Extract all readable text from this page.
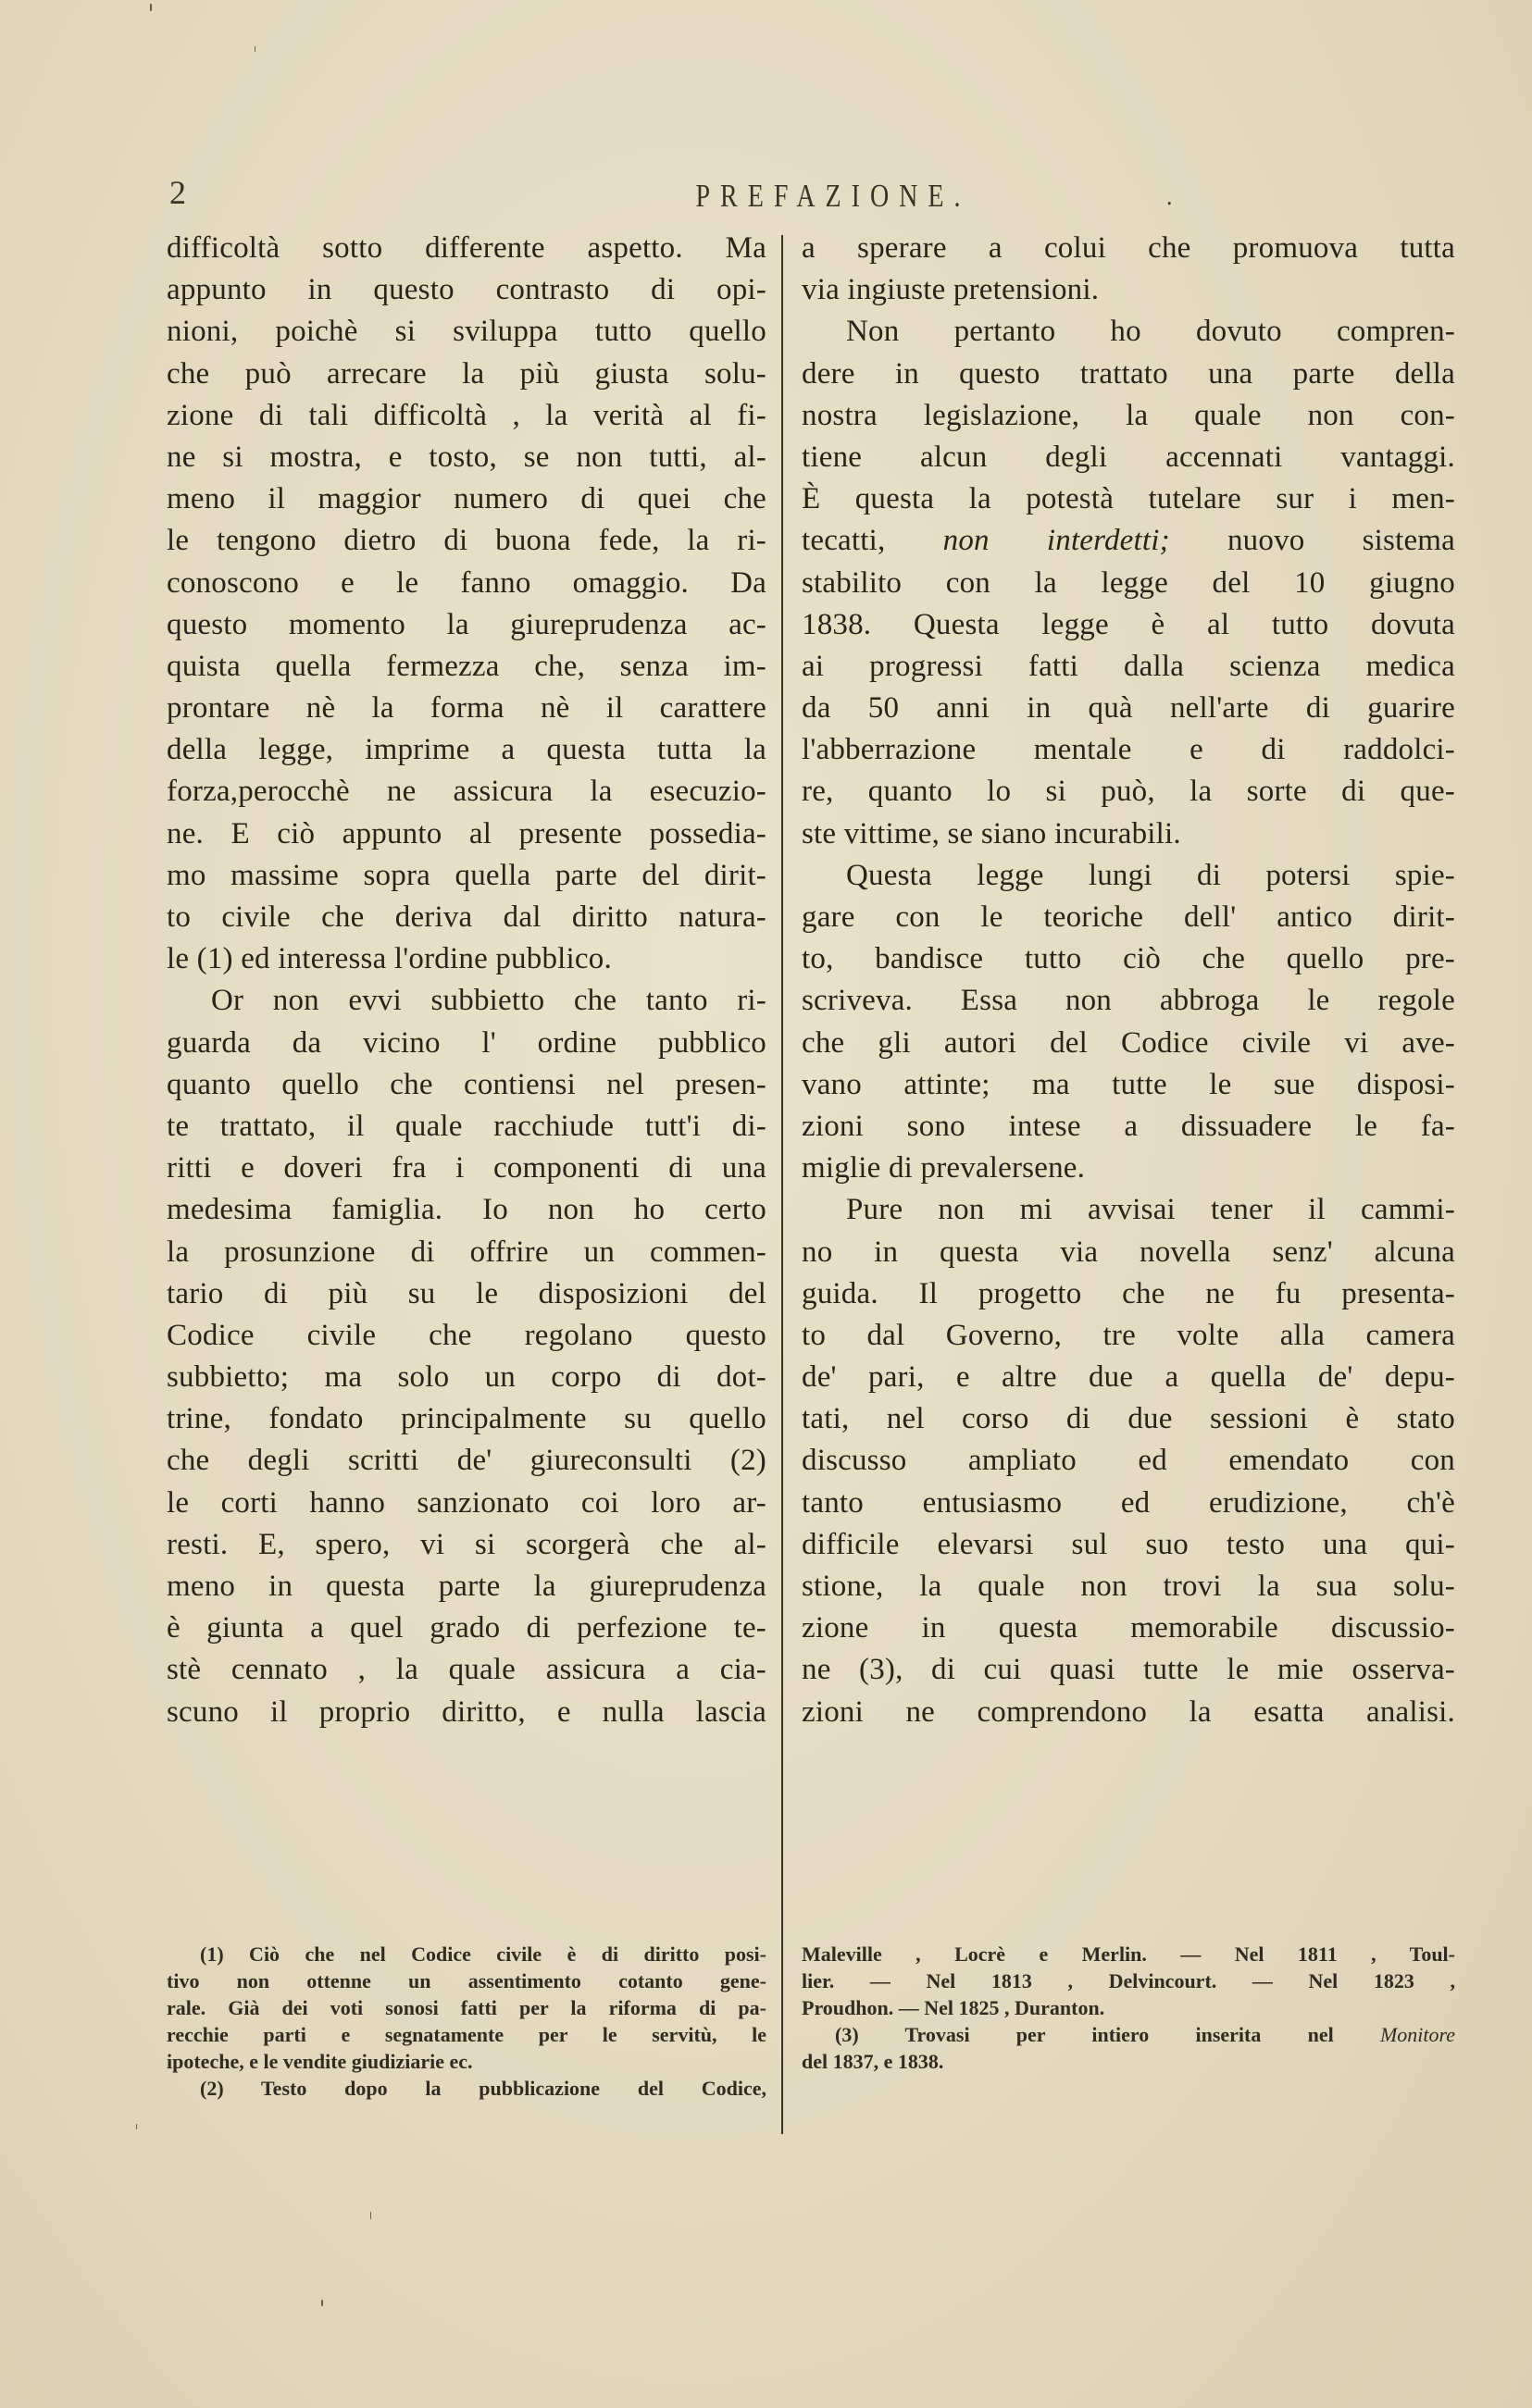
2	PREFAZIONE.	.
difficoltà sotto differente aspetto. Ma
appunto in questo contrasto di opi-
nioni, poichè si sviluppa tutto quello
che può arrecare la più giusta solu-
zione di tali difficoltà , la verità al fi-
ne si mostra, e tosto, se non tutti, al-
meno il maggior numero di quei che
le tengono dietro di buona fede, la ri-
conoscono e le fanno omaggio. Da
questo momento la giureprudenza ac-
quista quella fermezza che, senza im-
prontare nè la forma nè il carattere
della legge, imprime a questa tutta la
forza,perocchè ne assicura la esecuzio-
ne. E ciò appunto al presente possedia-
mo massime sopra quella parte del dirit-
to civile che deriva dal diritto natura-
le (1) ed interessa l'ordine pubblico.
Or non evvi subbietto che tanto ri-
guarda da vicino l' ordine pubblico
quanto quello che contiensi nel presen-
te trattato, il quale racchiude tutt'i di-
ritti e doveri fra i componenti di una
medesima famiglia. Io non ho certo
la prosunzione di offrire un commen-
tario di più su le disposizioni del
Codice civile che regolano questo
subbietto; ma solo un corpo di dot-
trine, fondato principalmente su quello
che degli scritti de' giureconsulti (2)
le corti hanno sanzionato coi loro ar-
resti. E, spero, vi si scorgerà che al-
meno in questa parte la giureprudenza
è giunta a quel grado di perfezione te-
stè cennato , la quale assicura a cia-
scuno il proprio diritto, e nulla lascia
a sperare a colui che promuova tutta
via ingiuste pretensioni.
Non pertanto ho dovuto compren-
dere in questo trattato una parte della
nostra legislazione, la quale non con-
tiene alcun degli accennati vantaggi.
È questa la potestà tutelare sur i men-
tecatti, non interdetti; nuovo sistema
stabilito con la legge del 10 giugno
1838. Questa legge è al tutto dovuta
ai progressi fatti dalla scienza medica
da 50 anni in quà nell'arte di guarire
l'abberrazione mentale e di raddolci-
re, quanto lo si può, la sorte di que-
ste vittime, se siano incurabili.
Questa legge lungi di potersi spie-
gare con le teoriche dell' antico dirit-
to, bandisce tutto ciò che quello pre-
scriveva. Essa non abbroga le regole
che gli autori del Codice civile vi ave-
vano attinte; ma tutte le sue disposi-
zioni sono intese a dissuadere le fa-
miglie di prevalersene.
Pure non mi avvisai tener il cammi-
no in questa via novella senz' alcuna
guida. Il progetto che ne fu presenta-
to dal Governo, tre volte alla camera
de' pari, e altre due a quella de' depu-
tati, nel corso di due sessioni è stato
discusso ampliato ed emendato con
tanto entusiasmo ed erudizione, ch'è
difficile elevarsi sul suo testo una qui-
stione, la quale non trovi la sua solu-
zione in questa memorabile discussio-
ne (3), di cui quasi tutte le mie osserva-
zioni ne comprendono la esatta analisi.
(1) Ciò che nel Codice civile è di diritto posi-
tivo non ottenne un assentimento cotanto gene-
rale. Già dei voti sonosi fatti per la riforma di pa-
recchie parti e segnatamente per le servitù, le
ipoteche, e le vendite giudiziarie ec.
(2) Testo dopo la pubblicazione del Codice,
Maleville , Locrè e Merlin. — Nel 1811 , Toul-
lier. — Nel 1813 , Delvincourt. — Nel 1823 ,
Proudhon. — Nel 1825 , Duranton.
(3) Trovasi per intiero inserita nel Monitore
del 1837, e 1838.
